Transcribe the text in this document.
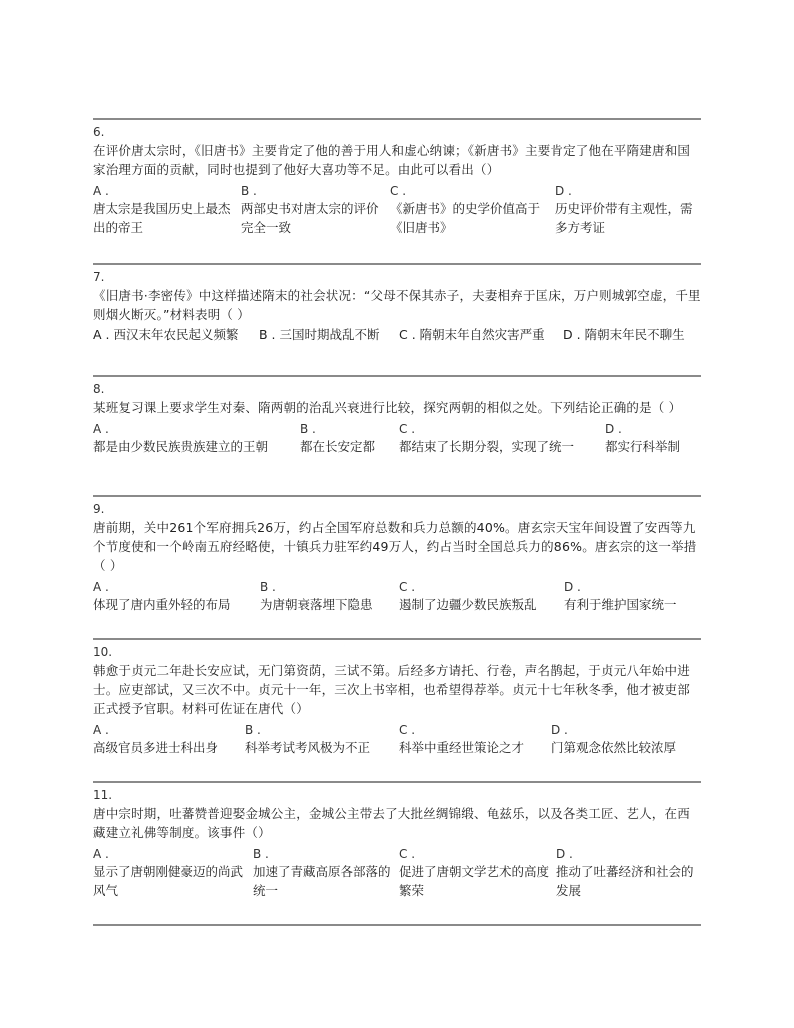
6.
在评价唐太宗时，《旧唐书》主要肯定了他的善于用人和虚心纳谏；《新唐书》主要肯定了他在平隋建唐和国家治理方面的贡献，同时也提到了他好大喜功等不足。由此可以看出（）
A .
唐太宗是我国历史上最杰出的帝王
B .
两部史书对唐太宗的评价完全一致
C .
《新唐书》的史学价值高于《旧唐书》
D .
历史评价带有主观性，需多方考证
7.
《旧唐书·李密传》中这样描述隋末的社会状况：“父母不保其赤子，夫妻相弃于匡床，万户则城郭空虚，千里则烟火断灭。”材料表明（ ）
A . 西汉末年农民起义频繁 B . 三国时期战乱不断 C . 隋朝末年自然灾害严重 D . 隋朝末年民不聊生
8.
某班复习课上要求学生对秦、隋两朝的治乱兴衰进行比较，探究两朝的相似之处。下列结论正确的是（ ）
A .
都是由少数民族贵族建立的王朝
B .
都在长安定都
C .
都结束了长期分裂，实现了统一
D .
都实行科举制
9.
唐前期，关中261个军府拥兵26万，约占全国军府总数和兵力总额的40%。唐玄宗天宝年间设置了安西等九个节度使和一个岭南五府经略使，十镇兵力驻军约49万人，约占当时全国总兵力的86%。唐玄宗的这一举措（ ）
A .
体现了唐内重外轻的布局
B .
为唐朝衰落埋下隐患
C .
遏制了边疆少数民族叛乱
D .
有利于维护国家统一
10.
韩愈于贞元二年赴长安应试，无门第资荫，三试不第。后经多方请托、行卷，声名鹊起，于贞元八年始中进士。应吏部试，又三次不中。贞元十一年，三次上书宰相，也希望得荐举。贞元十七年秋冬季，他才被吏部正式授予官职。材料可佐证在唐代（）
A .
高级官员多进士科出身
B .
科举考试考风极为不正
C .
科举中重经世策论之才
D .
门第观念依然比较浓厚
11.
唐中宗时期，吐蕃赞普迎娶金城公主，金城公主带去了大批丝绸锦缎、龟兹乐，以及各类工匠、艺人，在西藏建立礼佛等制度。该事件（）
A .
显示了唐朝刚健豪迈的尚武风气
B .
加速了青藏高原各部落的统一
C .
促进了唐朝文学艺术的高度繁荣
D .
推动了吐蕃经济和社会的发展
